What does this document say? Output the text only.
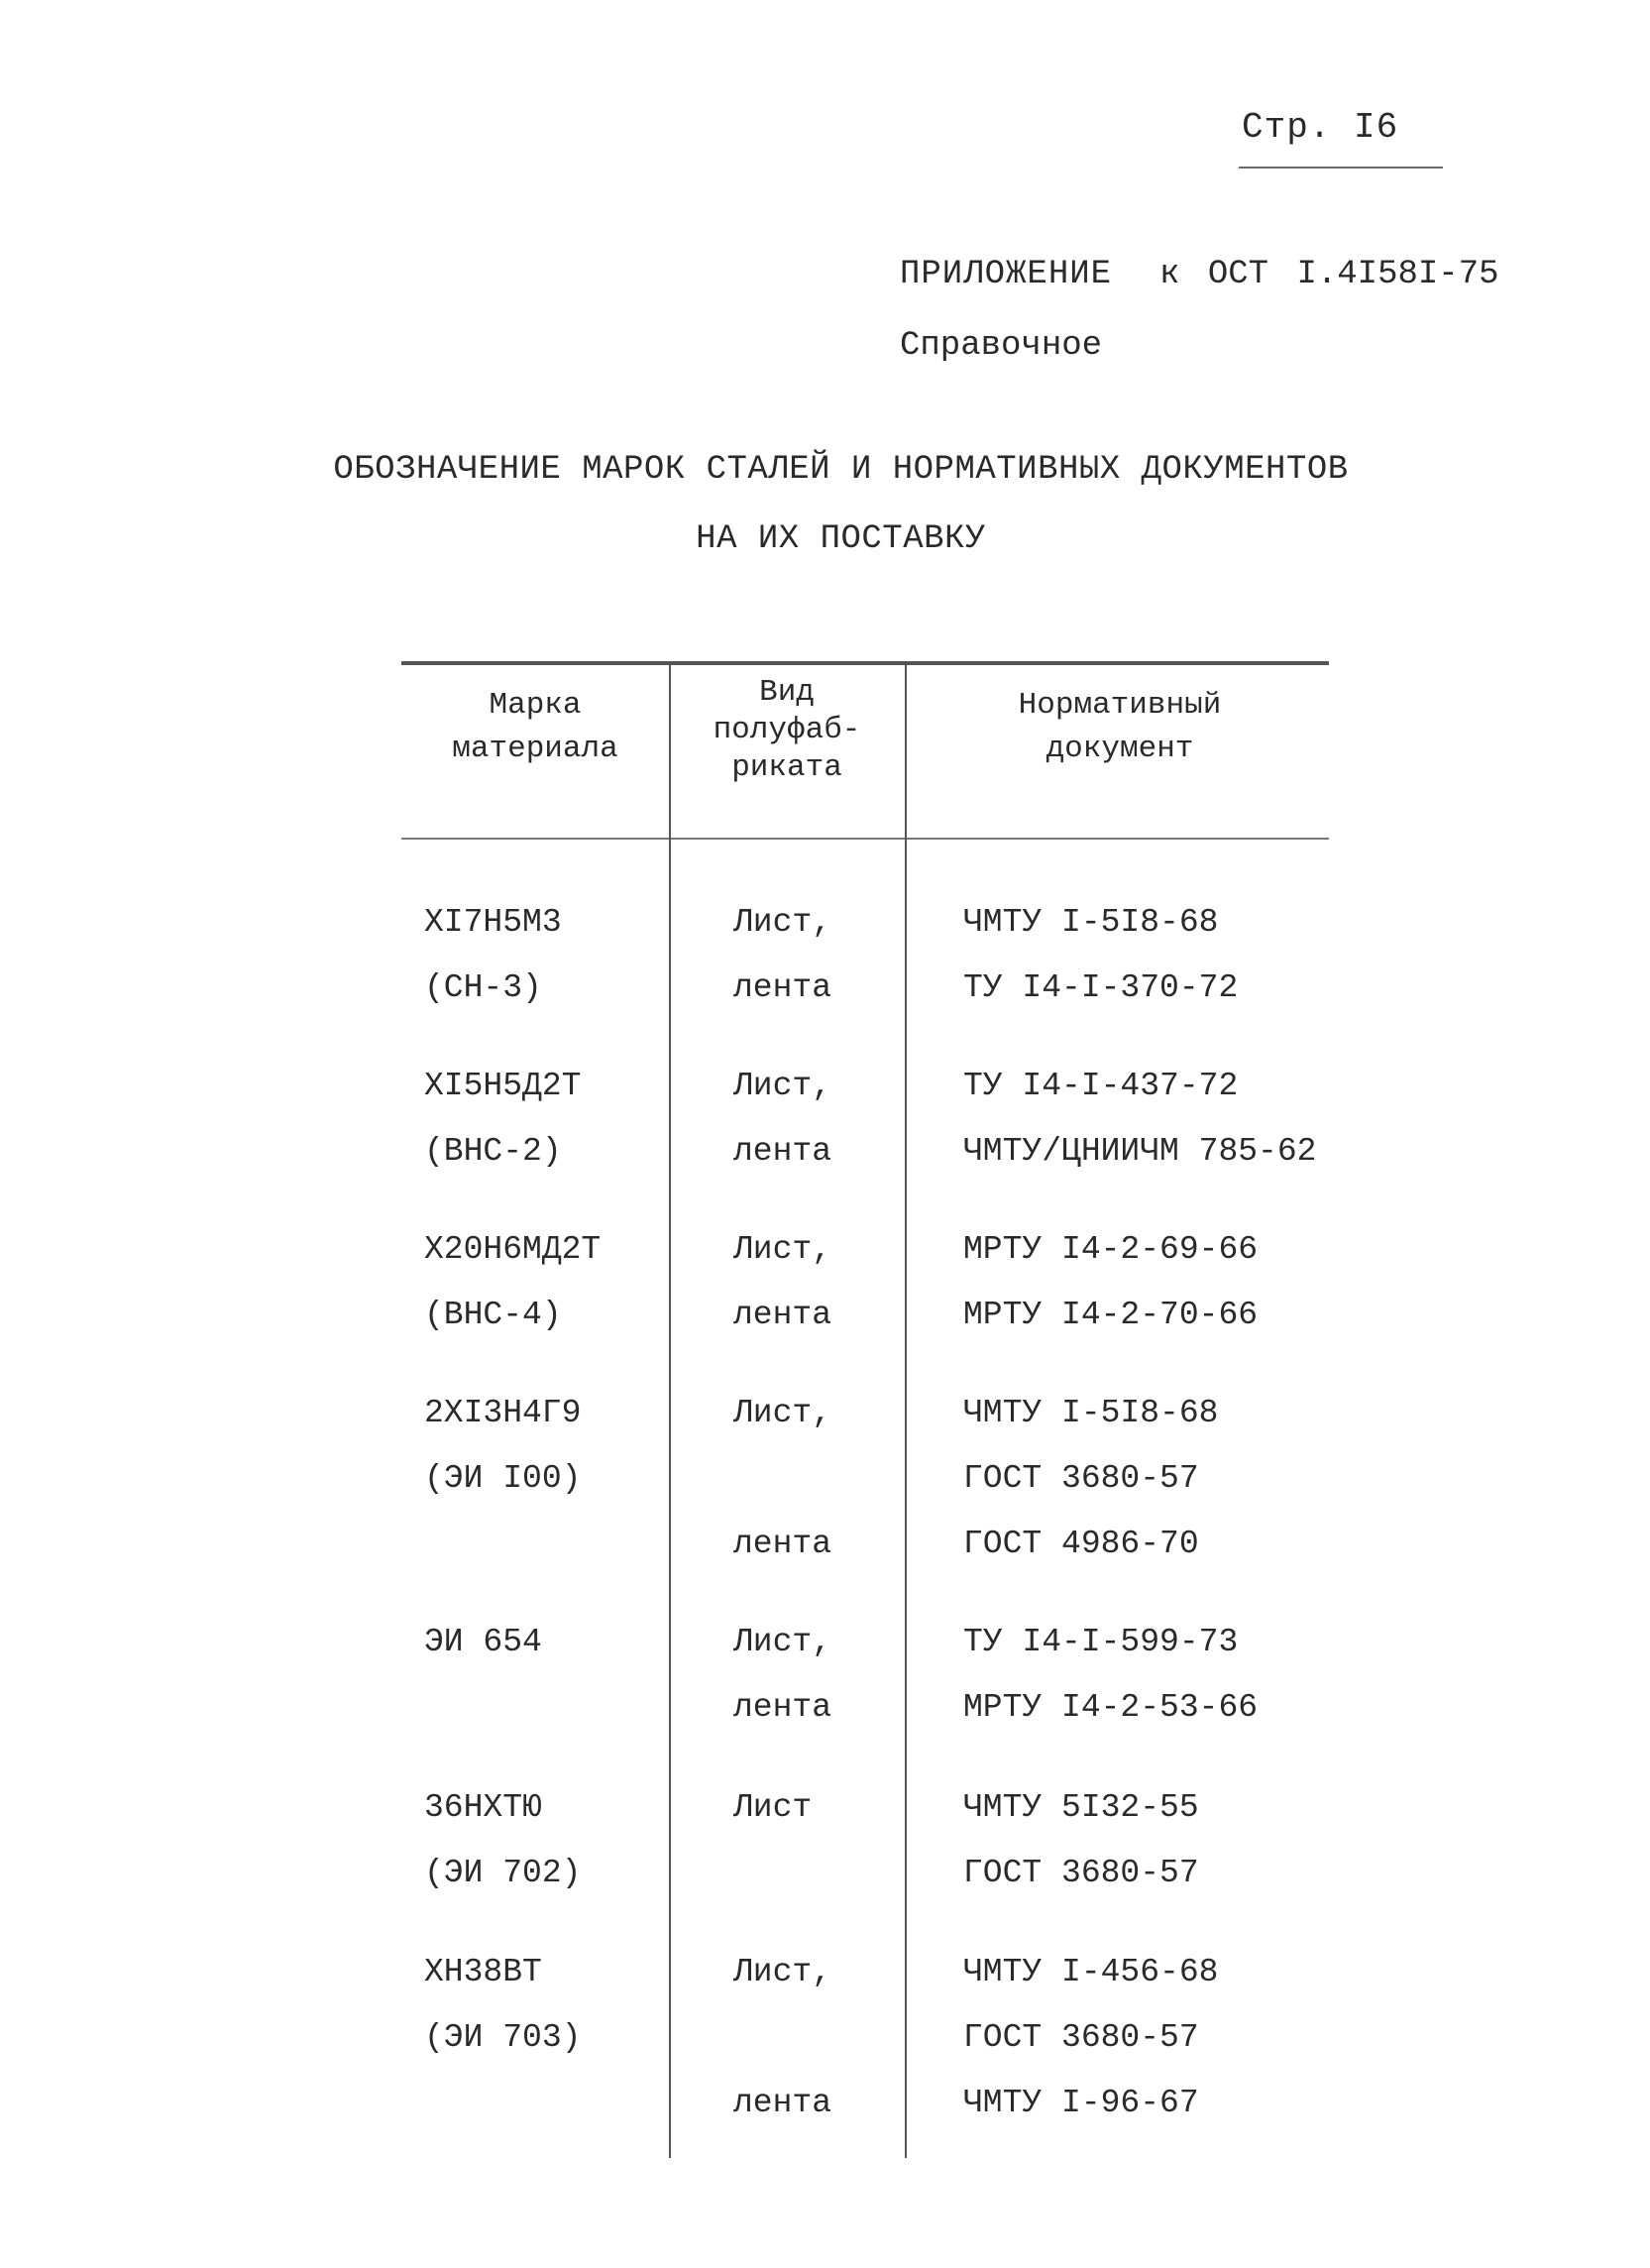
Стр. I6
ПРИЛОЖЕНИЕ к ОСТ I.4I58I-75
Справочное
ОБОЗНАЧЕНИЕ МАРОК СТАЛЕЙ И НОРМАТИВНЫХ ДОКУМЕНТОВ
НА ИХ ПОСТАВКУ
Марка
материала
Вид
полуфаб-
риката
Нормативный
документ
XI7H5M3
(СН-3)
Лист,
лента
ЧМТУ I-5I8-68
ТУ I4-I-370-72
XI5H5Д2T
(ВНС-2)
Лист,
лента
ТУ I4-I-437-72
ЧМТУ/ЦНИИЧМ 785-62
X20H6MД2T
(ВНС-4)
Лист,
лента
МРТУ I4-2-69-66
МРТУ I4-2-70-66
2XI3H4Г9
(ЭИ I00)
Лист,
лента
ЧМТУ I-5I8-68
ГОСТ 3680-57
ГОСТ 4986-70
ЭИ 654	Лист,
лента
ТУ I4-I-599-73
МРТУ I4-2-53-66
36HXTЮ
(ЭИ 702)
Лист	ЧМТУ 5I32-55
ГОСТ 3680-57
XH38BT
(ЭИ 703)
Лист,
лента
ЧМТУ I-456-68
ГОСТ 3680-57
ЧМТУ I-96-67
